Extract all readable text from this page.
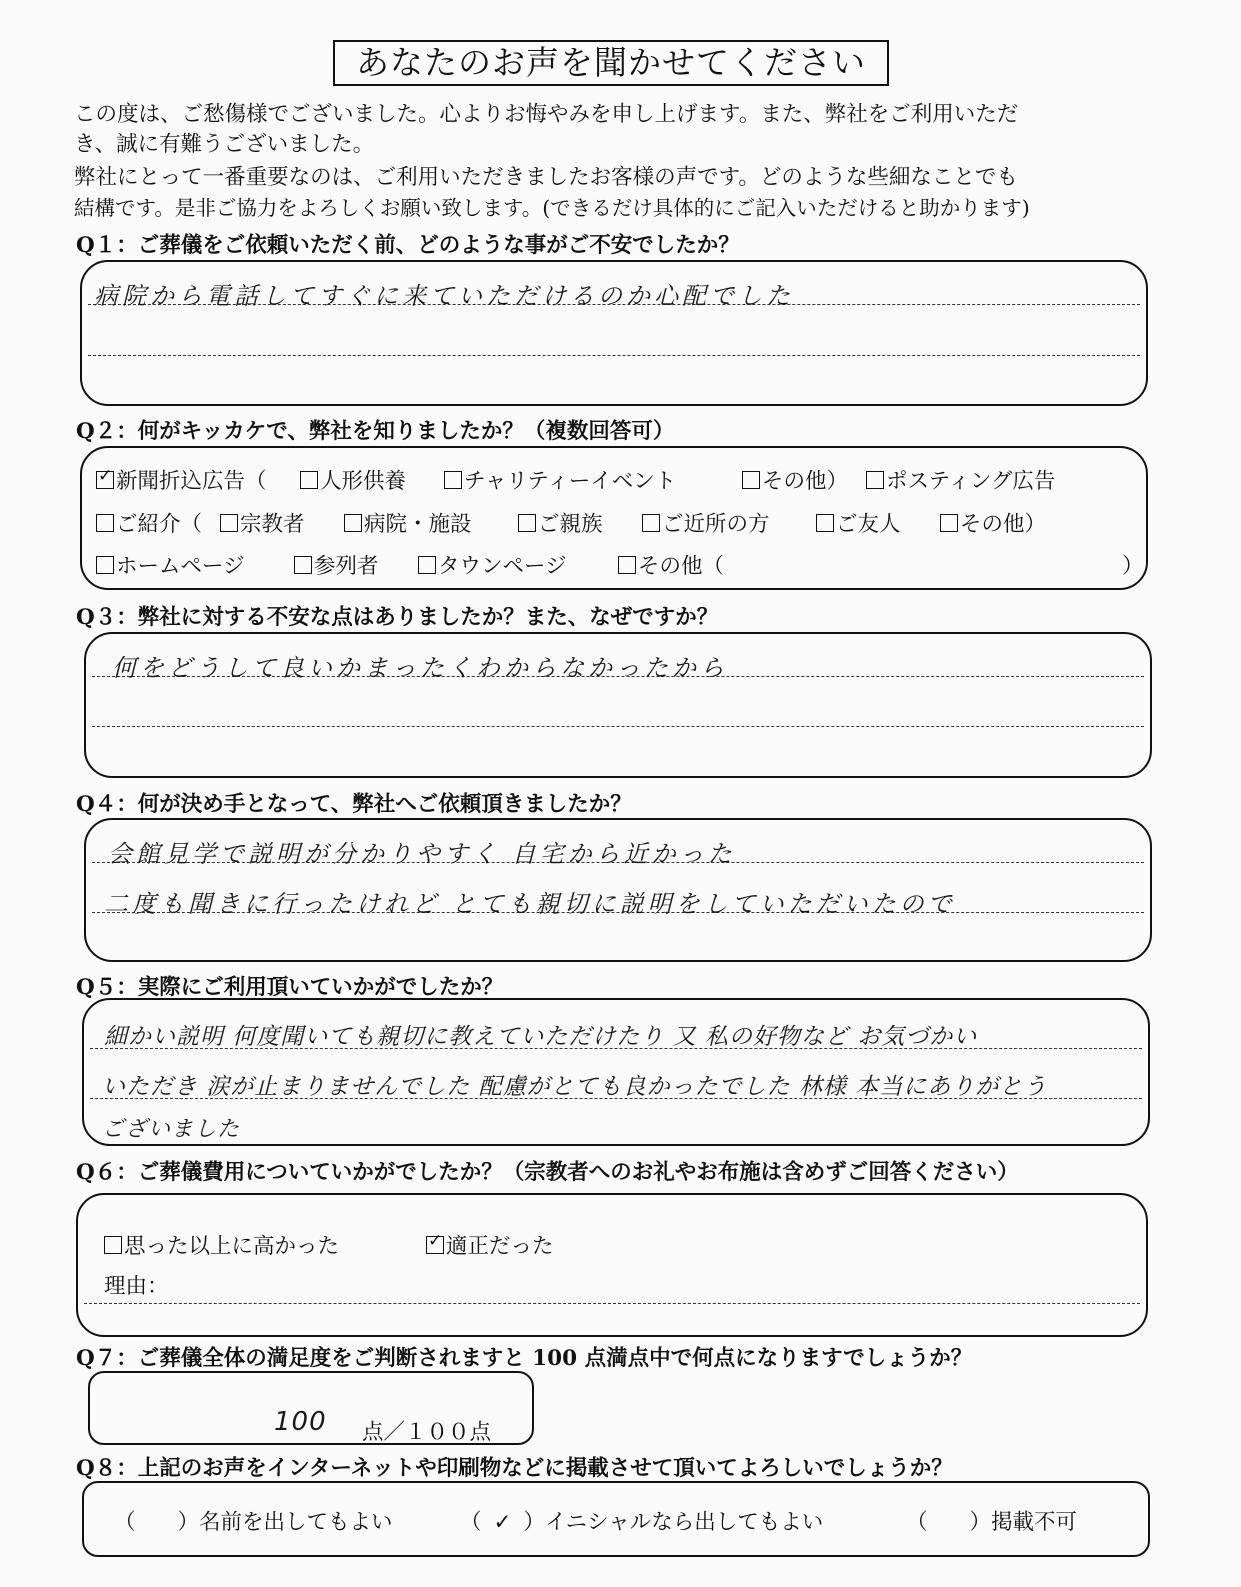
あなたのお声を聞かせてください
この度は、ご愁傷様でございました。心よりお悔やみを申し上げます。また、弊社をご利用いただ
き、誠に有難うございました。
弊社にとって一番重要なのは、ご利用いただきましたお客様の声です。どのような些細なことでも
結構です。是非ご協力をよろしくお願い致します。(できるだけ具体的にご記入いただけると助かります)
Q１：ご葬儀をご依頼いただく前、どのような事がご不安でしたか？
病院から電話してすぐに来ていただけるのか心配でした
Q２：何がキッカケで、弊社を知りましたか？（複数回答可）
✓新聞折込広告（	人形供養	チャリティーイベント	その他）	ポスティング広告
ご紹介（	宗教者	病院・施設	ご親族	ご近所の方	ご友人	その他）
ホームページ	参列者	タウンページ	その他（	）
Q３：弊社に対する不安な点はありましたか？また、なぜですか？
何をどうして良いかまったくわからなかったから
Q４：何が決め手となって、弊社へご依頼頂きましたか？
会館見学で説明が分かりやすく 自宅から近かった
二度も聞きに行ったけれど とても親切に説明をしていただいたので
Q５：実際にご利用頂いていかがでしたか？
細かい説明 何度聞いても親切に教えていただけたり 又 私の好物など お気づかい
いただき 涙が止まりませんでした 配慮がとても良かったでした 林様 本当にありがとう
ございました
Q６：ご葬儀費用についていかがでしたか？（宗教者へのお礼やお布施は含めずご回答ください）
思った以上に高かった
✓	適正だった
理由：
Q７：ご葬儀全体の満足度をご判断されますと 100 点満点中で何点になりますでしょうか？
100 点／１００点
Q８：上記のお声をインターネットや印刷物などに掲載させて頂いてよろしいでしょうか？
（ ）名前を出してもよい	（ ✓ ）イニシャルなら出してもよい	（ ）掲載不可
